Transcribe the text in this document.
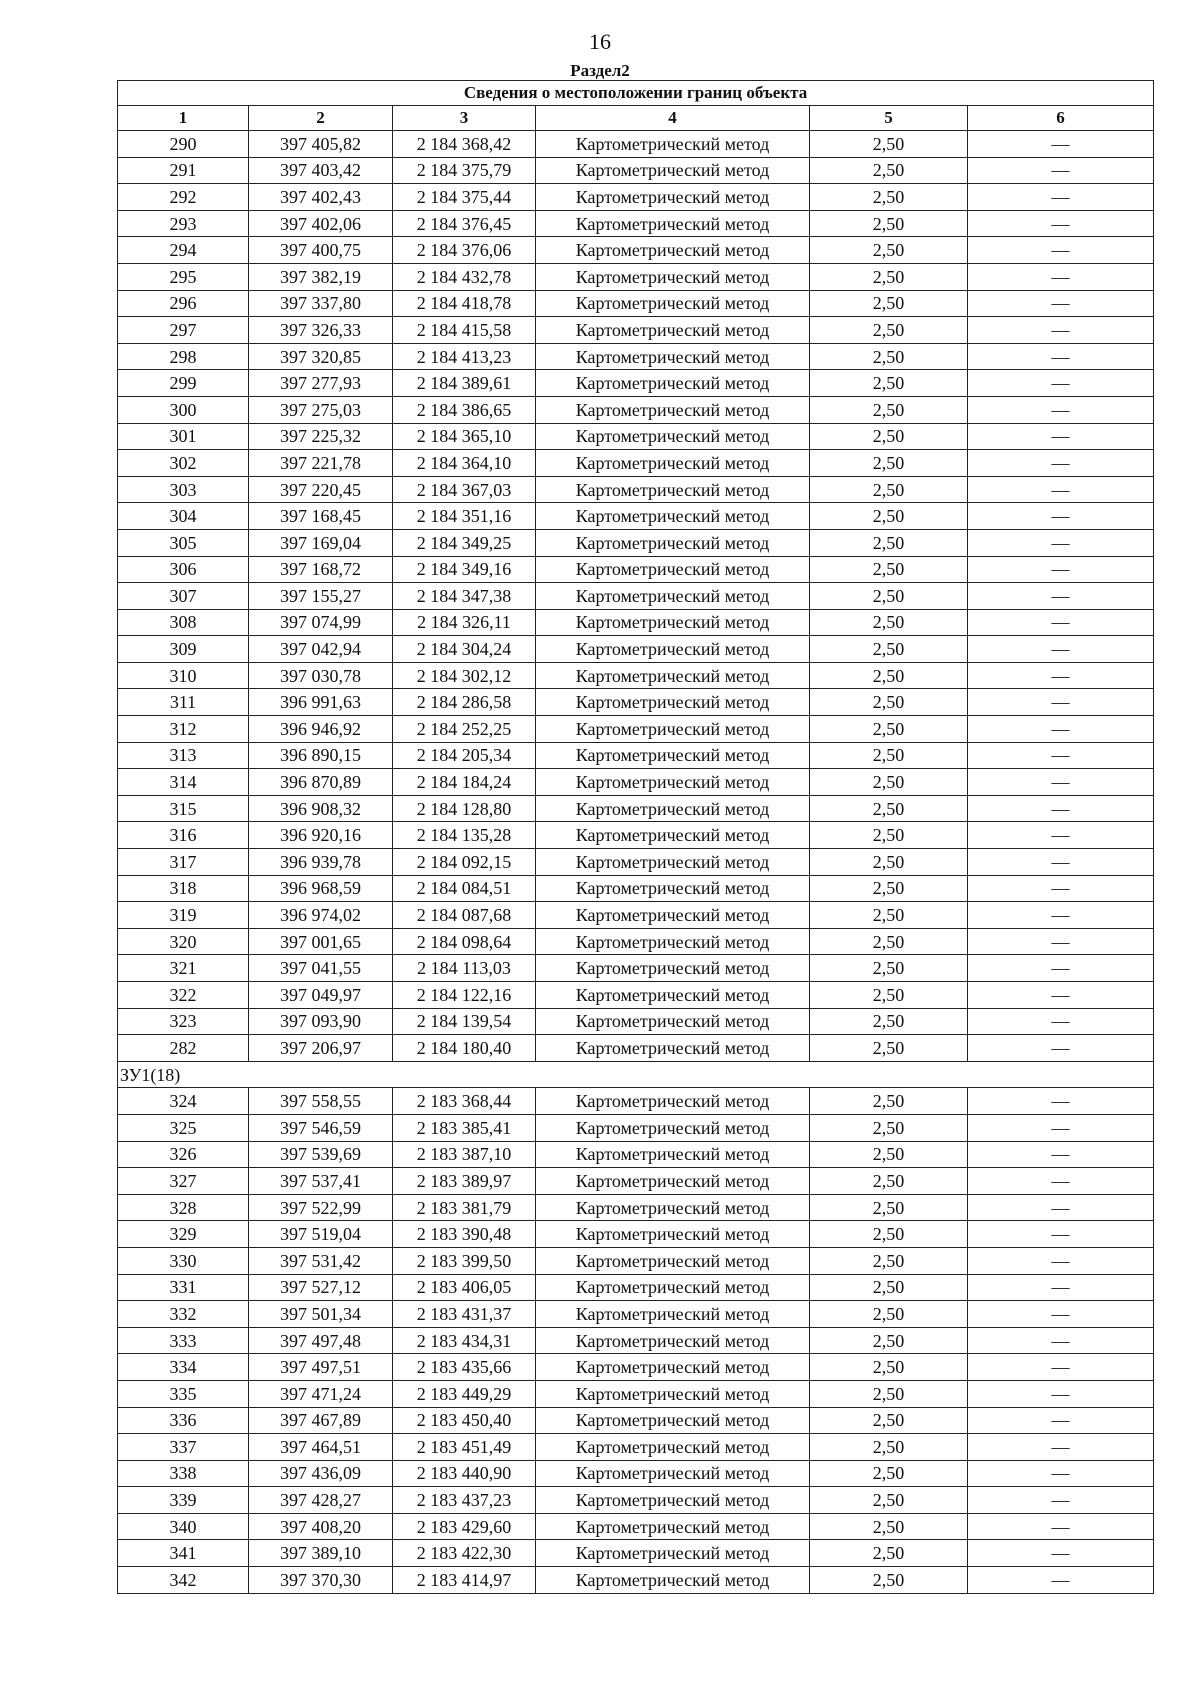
16
Раздел2
Сведения о местоположении границ объекта					
1	2	3	4	5	6
290	397 405,82	2 184 368,42	Картометрический метод	2,50	—
291	397 403,42	2 184 375,79	Картометрический метод	2,50	—
292	397 402,43	2 184 375,44	Картометрический метод	2,50	—
293	397 402,06	2 184 376,45	Картометрический метод	2,50	—
294	397 400,75	2 184 376,06	Картометрический метод	2,50	—
295	397 382,19	2 184 432,78	Картометрический метод	2,50	—
296	397 337,80	2 184 418,78	Картометрический метод	2,50	—
297	397 326,33	2 184 415,58	Картометрический метод	2,50	—
298	397 320,85	2 184 413,23	Картометрический метод	2,50	—
299	397 277,93	2 184 389,61	Картометрический метод	2,50	—
300	397 275,03	2 184 386,65	Картометрический метод	2,50	—
301	397 225,32	2 184 365,10	Картометрический метод	2,50	—
302	397 221,78	2 184 364,10	Картометрический метод	2,50	—
303	397 220,45	2 184 367,03	Картометрический метод	2,50	—
304	397 168,45	2 184 351,16	Картометрический метод	2,50	—
305	397 169,04	2 184 349,25	Картометрический метод	2,50	—
306	397 168,72	2 184 349,16	Картометрический метод	2,50	—
307	397 155,27	2 184 347,38	Картометрический метод	2,50	—
308	397 074,99	2 184 326,11	Картометрический метод	2,50	—
309	397 042,94	2 184 304,24	Картометрический метод	2,50	—
310	397 030,78	2 184 302,12	Картометрический метод	2,50	—
311	396 991,63	2 184 286,58	Картометрический метод	2,50	—
312	396 946,92	2 184 252,25	Картометрический метод	2,50	—
313	396 890,15	2 184 205,34	Картометрический метод	2,50	—
314	396 870,89	2 184 184,24	Картометрический метод	2,50	—
315	396 908,32	2 184 128,80	Картометрический метод	2,50	—
316	396 920,16	2 184 135,28	Картометрический метод	2,50	—
317	396 939,78	2 184 092,15	Картометрический метод	2,50	—
318	396 968,59	2 184 084,51	Картометрический метод	2,50	—
319	396 974,02	2 184 087,68	Картометрический метод	2,50	—
320	397 001,65	2 184 098,64	Картометрический метод	2,50	—
321	397 041,55	2 184 113,03	Картометрический метод	2,50	—
322	397 049,97	2 184 122,16	Картометрический метод	2,50	—
323	397 093,90	2 184 139,54	Картометрический метод	2,50	—
282	397 206,97	2 184 180,40	Картометрический метод	2,50	—
ЗУ1(18)					
324	397 558,55	2 183 368,44	Картометрический метод	2,50	—
325	397 546,59	2 183 385,41	Картометрический метод	2,50	—
326	397 539,69	2 183 387,10	Картометрический метод	2,50	—
327	397 537,41	2 183 389,97	Картометрический метод	2,50	—
328	397 522,99	2 183 381,79	Картометрический метод	2,50	—
329	397 519,04	2 183 390,48	Картометрический метод	2,50	—
330	397 531,42	2 183 399,50	Картометрический метод	2,50	—
331	397 527,12	2 183 406,05	Картометрический метод	2,50	—
332	397 501,34	2 183 431,37	Картометрический метод	2,50	—
333	397 497,48	2 183 434,31	Картометрический метод	2,50	—
334	397 497,51	2 183 435,66	Картометрический метод	2,50	—
335	397 471,24	2 183 449,29	Картометрический метод	2,50	—
336	397 467,89	2 183 450,40	Картометрический метод	2,50	—
337	397 464,51	2 183 451,49	Картометрический метод	2,50	—
338	397 436,09	2 183 440,90	Картометрический метод	2,50	—
339	397 428,27	2 183 437,23	Картометрический метод	2,50	—
340	397 408,20	2 183 429,60	Картометрический метод	2,50	—
341	397 389,10	2 183 422,30	Картометрический метод	2,50	—
342	397 370,30	2 183 414,97	Картометрический метод	2,50	—
